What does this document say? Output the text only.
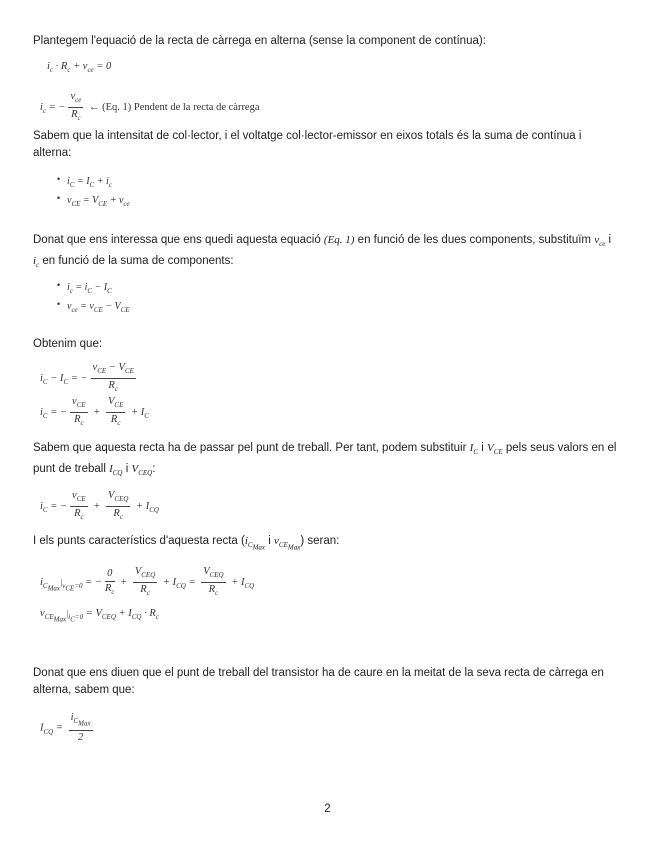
Plantegem l'equació de la recta de càrrega en alterna (sense la component de contínua):

$i_c \cdot R_c + v_{ce} = 0$
$i_c$ = − $\frac{v_{ce}}{R_c}$ ← (Eq. 1) Pendent de la recta de càrrega

Sabem que la intensitat de col·lector, i el voltatge col·lector-emissor en eixos totals és la suma de contínua i alterna:

• $i_C = I_C + i_c$
• $v_{CE} = V_{CE} + v_{ce}$

Donat que ens interessa que ens quedi aquesta equació (Eq. 1) en funció de les dues components, substituïm $v_{ce}$ i $i_c$ en funció de la suma de components:

• $i_c = i_C - I_C$
• $v_{ce} = v_{CE} - V_{CE}$

Obtenim que:

$i_C - I_C$ = − $\frac{v_{CE} - V_{CE}}{R_c}$
$i_C$ = − $\frac{v_{CE}}{R_c} + \frac{V_{CE}}{R_c} + I_C$

Sabem que aquesta recta ha de passar pel punt de treball. Per tant, podem substituir $I_C$ i $V_{CE}$ pels seus valors en el punt de treball $I_{CQ}$ i $V_{CEQ}$:

$i_C$ = − $\frac{v_{CE}}{R_c} + \frac{V_{CEQ}}{R_c} + I_{CQ}$

I els punts característics d'aquesta recta ($i_{C_{Max}}$ i $v_{CE_{Max}}$) seran:

$i_{C_{Max}}|_{v_{CE}=0}$ = − $\frac{0}{R_c} + \frac{V_{CEQ}}{R_c} + I_{CQ} = \frac{V_{CEQ}}{R_c} + I_{CQ}$
$v_{CE_{Max}}|_{i_C=0} = V_{CEQ} + I_{CQ} \cdot R_c$

Donat que ens diuen que el punt de treball del transistor ha de caure en la meitat de la seva recta de càrrega en alterna, sabem que:

$I_{CQ} = \frac{i_{C_{Max}}}{2}$
2
